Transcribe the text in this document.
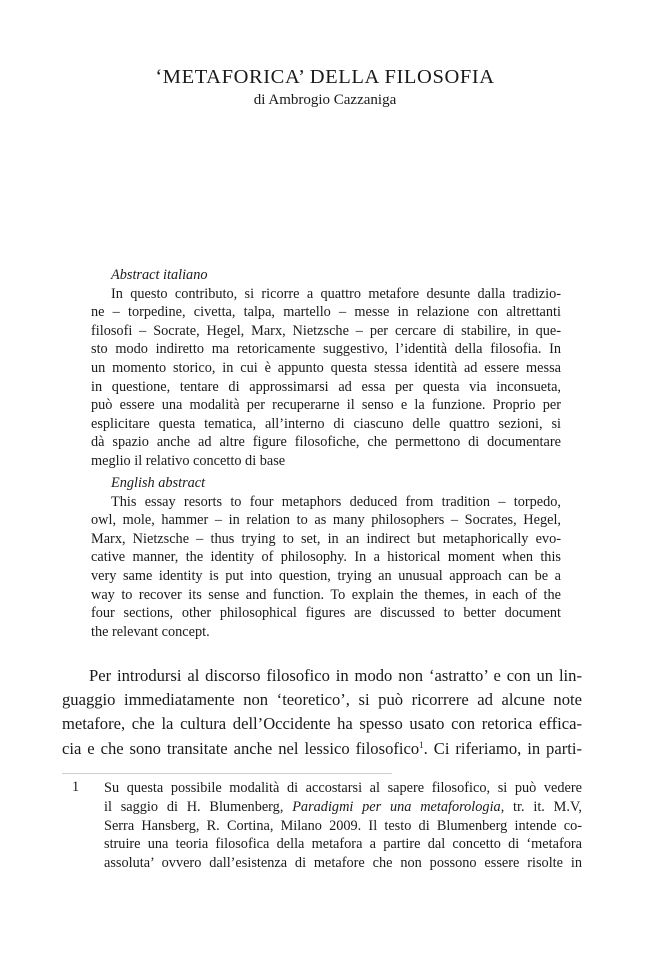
‘METAFORICA’ DELLA FILOSOFIA
di Ambrogio Cazzaniga
Abstract italiano
In questo contributo, si ricorre a quattro metafore desunte dalla tradizio-
ne – torpedine, civetta, talpa, martello – messe in relazione con altrettanti
filosofi – Socrate, Hegel, Marx, Nietzsche – per cercare di stabilire, in que-
sto modo indiretto ma retoricamente suggestivo, l’identità della filosofia. In
un momento storico, in cui è appunto questa stessa identità ad essere messa
in questione, tentare di approssimarsi ad essa per questa via inconsueta,
può essere una modalità per recuperarne il senso e la funzione. Proprio per
esplicitare questa tematica, all’interno di ciascuno delle quattro sezioni, si
dà spazio anche ad altre figure filosofiche, che permettono di documentare
meglio il relativo concetto di base
English abstract
This essay resorts to four metaphors deduced from tradition – torpedo,
owl, mole, hammer – in relation to as many philosophers – Socrates, Hegel,
Marx, Nietzsche – thus trying to set, in an indirect but metaphorically evo-
cative manner, the identity of philosophy. In a historical moment when this
very same identity is put into question, trying an unusual approach can be a
way to recover its sense and function. To explain the themes, in each of the
four sections, other philosophical figures are discussed to better document
the relevant concept.
Per introdursi al discorso filosofico in modo non ‘astratto’ e con un lin-
guaggio immediatamente non ‘teoretico’, si può ricorrere ad alcune note
metafore, che la cultura dell’Occidente ha spesso usato con retorica effica-
cia e che sono transitate anche nel lessico filosofico$^1$. Ci riferiamo, in parti-
1 Su questa possibile modalità di accostarsi al sapere filosofico, si può vedere
il saggio di H. Blumenberg, Paradigmi per una metaforologia, tr. it. M.V,
Serra Hansberg, R. Cortina, Milano 2009. Il testo di Blumenberg intende co-
struire una teoria filosofica della metafora a partire dal concetto di ‘metafora
assoluta’ ovvero dall’esistenza di metafore che non possono essere risolte in
